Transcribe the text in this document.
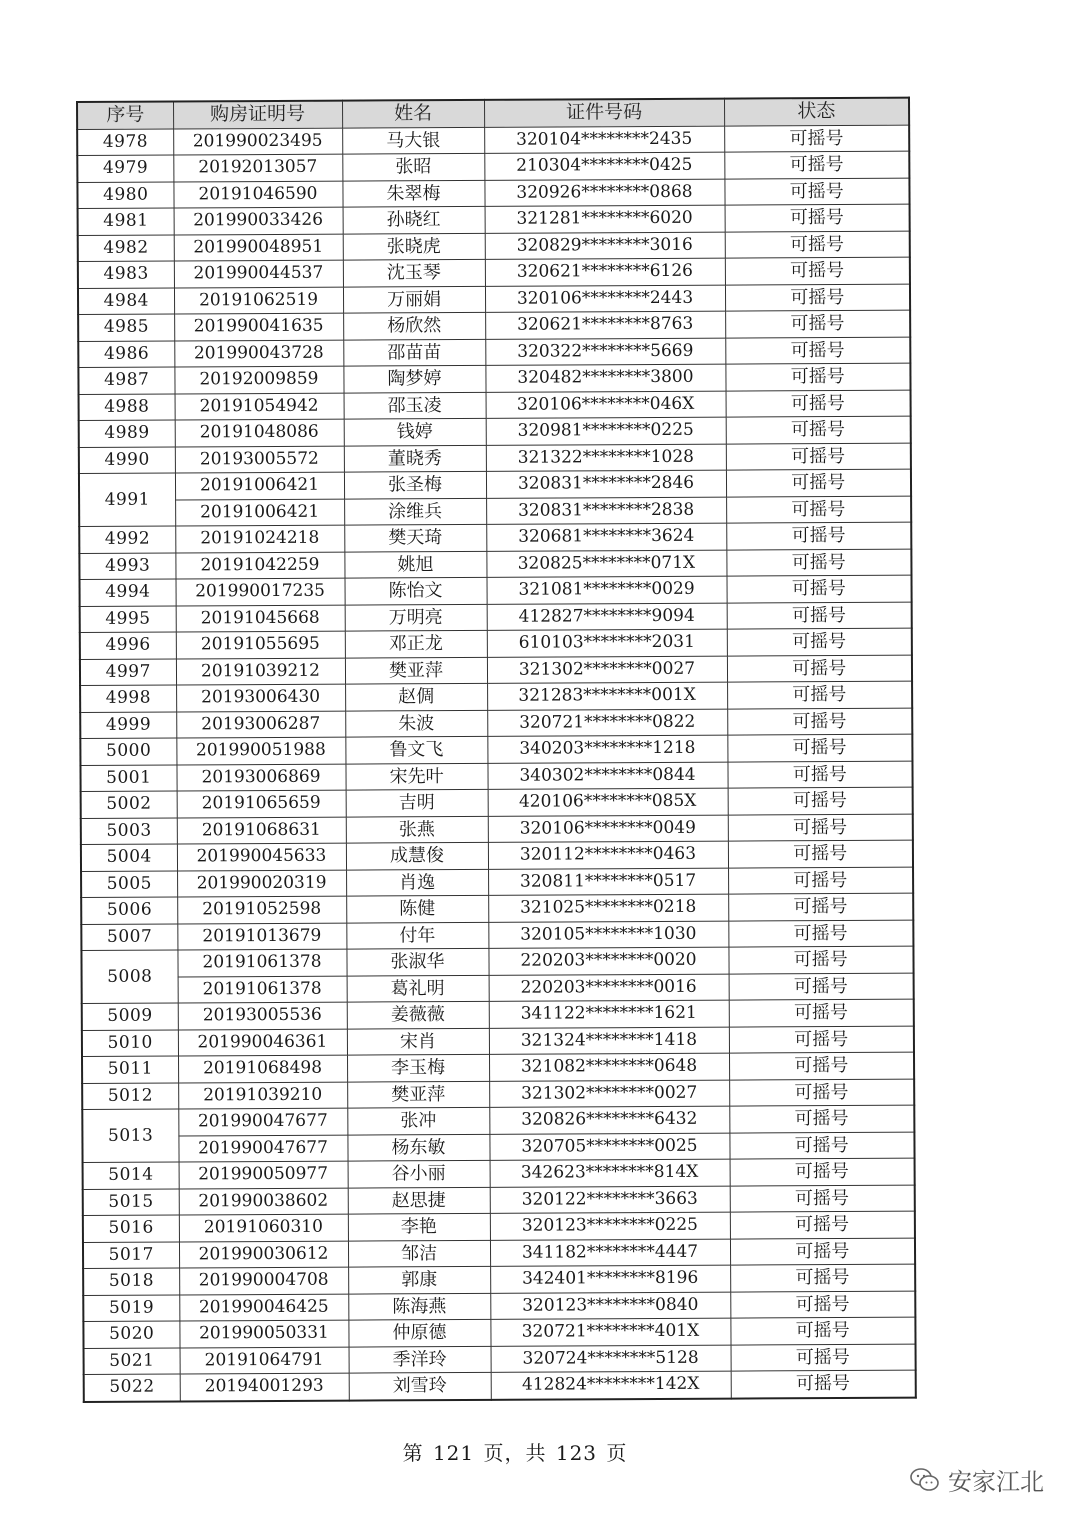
序号	购房证明号	姓名	证件号码	状态
4978	201990023495	马大银	320104********2435	可摇号
4979	20192013057	张昭	210304********0425	可摇号
4980	20191046590	朱翠梅	320926********0868	可摇号
4981	201990033426	孙晓红	321281********6020	可摇号
4982	201990048951	张晓虎	320829********3016	可摇号
4983	201990044537	沈玉琴	320621********6126	可摇号
4984	20191062519	万丽娟	320106********2443	可摇号
4985	201990041635	杨欣然	320621********8763	可摇号
4986	201990043728	邵苗苗	320322********5669	可摇号
4987	20192009859	陶梦婷	320482********3800	可摇号
4988	20191054942	邵玉凌	320106********046X	可摇号
4989	20191048086	钱婷	320981********0225	可摇号
4990	20193005572	董晓秀	321322********1028	可摇号
4991	20191006421	张圣梅	320831********2846	可摇号
	20191006421	涂维兵	320831********2838	可摇号
4992	20191024218	樊天琦	320681********3624	可摇号
4993	20191042259	姚旭	320825********071X	可摇号
4994	201990017235	陈怡文	321081********0029	可摇号
4995	20191045668	万明亮	412827********9094	可摇号
4996	20191055695	邓正龙	610103********2031	可摇号
4997	20191039212	樊亚萍	321302********0027	可摇号
4998	20193006430	赵倜	321283********001X	可摇号
4999	20193006287	朱波	320721********0822	可摇号
5000	201990051988	鲁文飞	340203********1218	可摇号
5001	20193006869	宋先叶	340302********0844	可摇号
5002	20191065659	吉明	420106********085X	可摇号
5003	20191068631	张燕	320106********0049	可摇号
5004	201990045633	成慧俊	320112********0463	可摇号
5005	201990020319	肖逸	320811********0517	可摇号
5006	20191052598	陈健	321025********0218	可摇号
5007	20191013679	付年	320105********1030	可摇号
5008	20191061378	张淑华	220203********0020	可摇号
	20191061378	葛礼明	220203********0016	可摇号
5009	20193005536	姜薇薇	341122********1621	可摇号
5010	201990046361	宋肖	321324********1418	可摇号
5011	20191068498	李玉梅	321082********0648	可摇号
5012	20191039210	樊亚萍	321302********0027	可摇号
5013	201990047677	张冲	320826********6432	可摇号
	201990047677	杨东敏	320705********0025	可摇号
5014	201990050977	谷小丽	342623********814X	可摇号
5015	201990038602	赵思捷	320122********3663	可摇号
5016	20191060310	李艳	320123********0225	可摇号
5017	201990030612	邹洁	341182********4447	可摇号
5018	201990004708	郭康	342401********8196	可摇号
5019	201990046425	陈海燕	320123********0840	可摇号
5020	201990050331	仲原德	320721********401X	可摇号
5021	20191064791	季洋玲	320724********5128	可摇号
5022	20194001293	刘雪玲	412824********142X	可摇号
第 121 页，共 123 页
安家江北
